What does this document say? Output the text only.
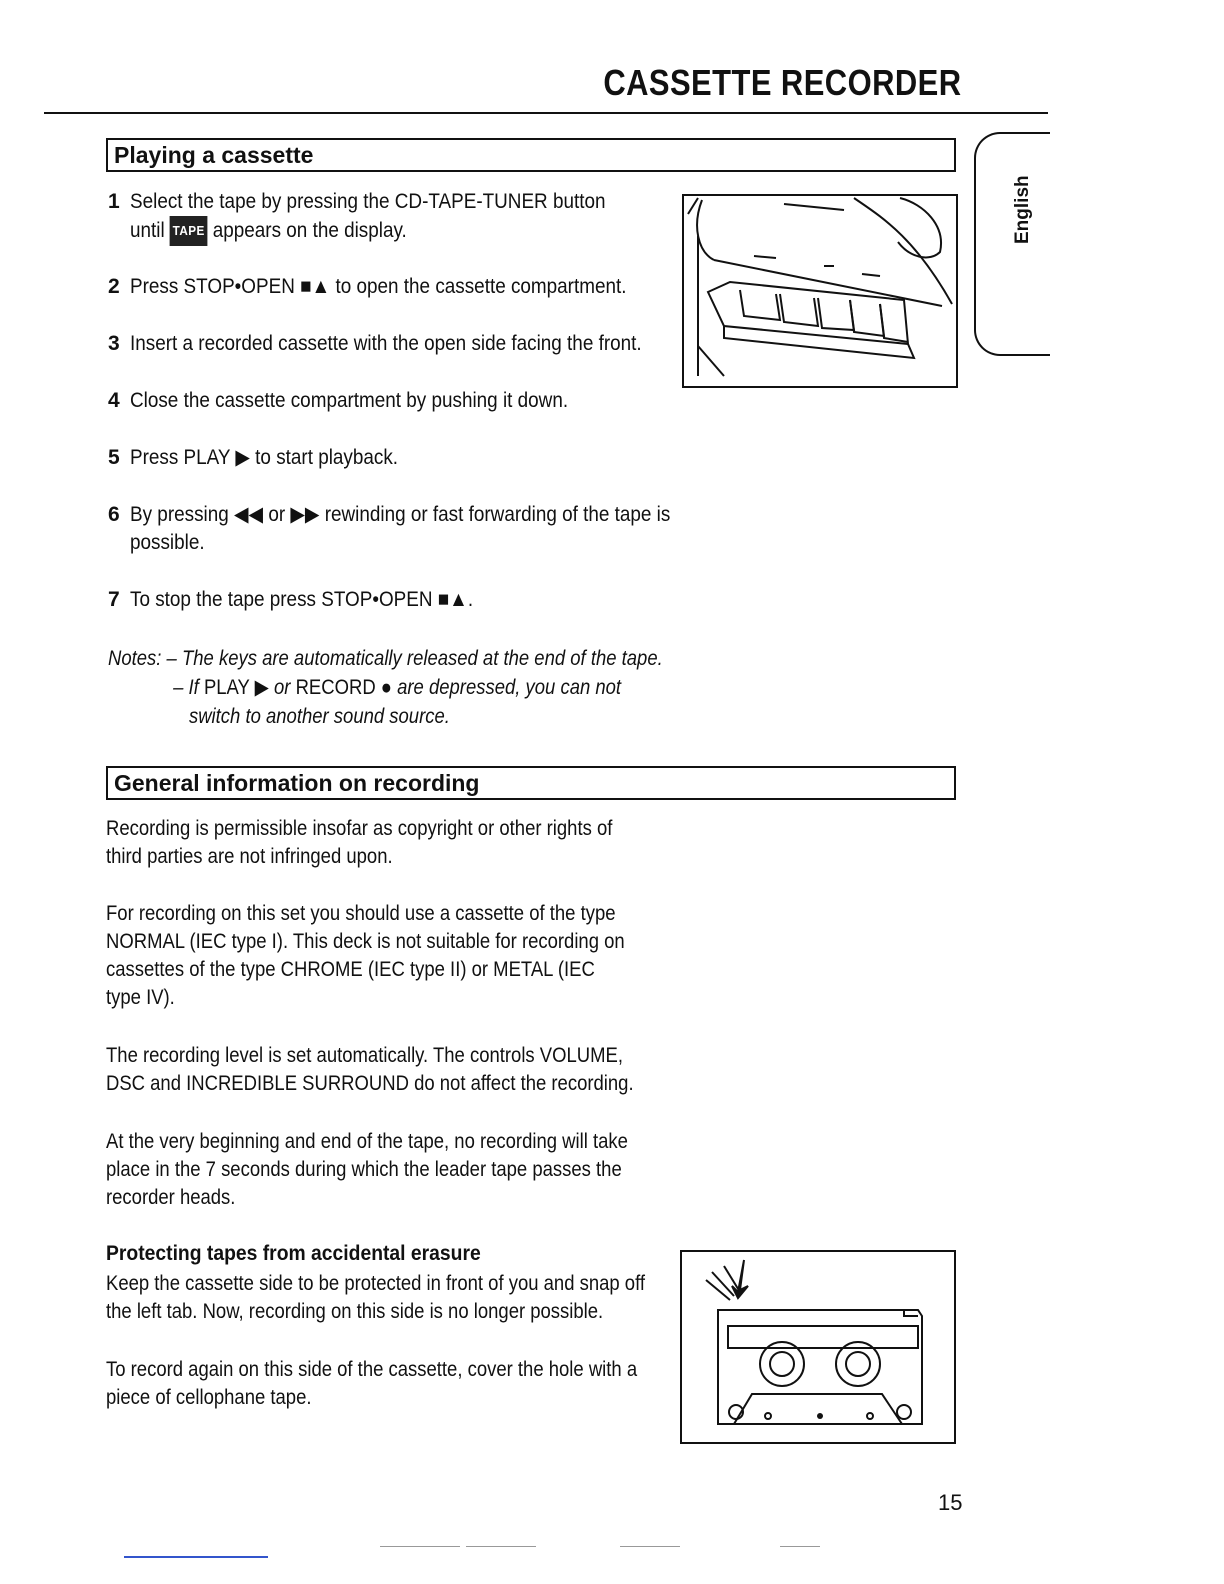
CASSETTE RECORDER
English
Playing a cassette
1 Select the tape by pressing the CD-TAPE-TUNER button
until TAPE appears on the display.
2 Press STOP•OPEN ■▲ to open the cassette compartment.
3 Insert a recorded cassette with the open side facing the front.
4 Close the cassette compartment by pushing it down.
5 Press PLAY ▶ to start playback.
6 By pressing ◀◀ or ▶▶ rewinding or fast forwarding of the tape is
possible.
7 To stop the tape press STOP•OPEN ■▲.
Notes: – The keys are automatically released at the end of the tape.
– If PLAY ▶ or RECORD ● are depressed, you can not
switch to another sound source.
General information on recording
Recording is permissible insofar as copyright or other rights of
third parties are not infringed upon.
For recording on this set you should use a cassette of the type
NORMAL (IEC type I). This deck is not suitable for recording on
cassettes of the type CHROME (IEC type II) or METAL (IEC
type IV).
The recording level is set automatically. The controls VOLUME,
DSC and INCREDIBLE SURROUND do not affect the recording.
At the very beginning and end of the tape, no recording will take
place in the 7 seconds during which the leader tape passes the
recorder heads.
Protecting tapes from accidental erasure
Keep the cassette side to be protected in front of you and snap off
the left tab. Now, recording on this side is no longer possible.
To record again on this side of the cassette, cover the hole with a
piece of cellophane tape.
15
